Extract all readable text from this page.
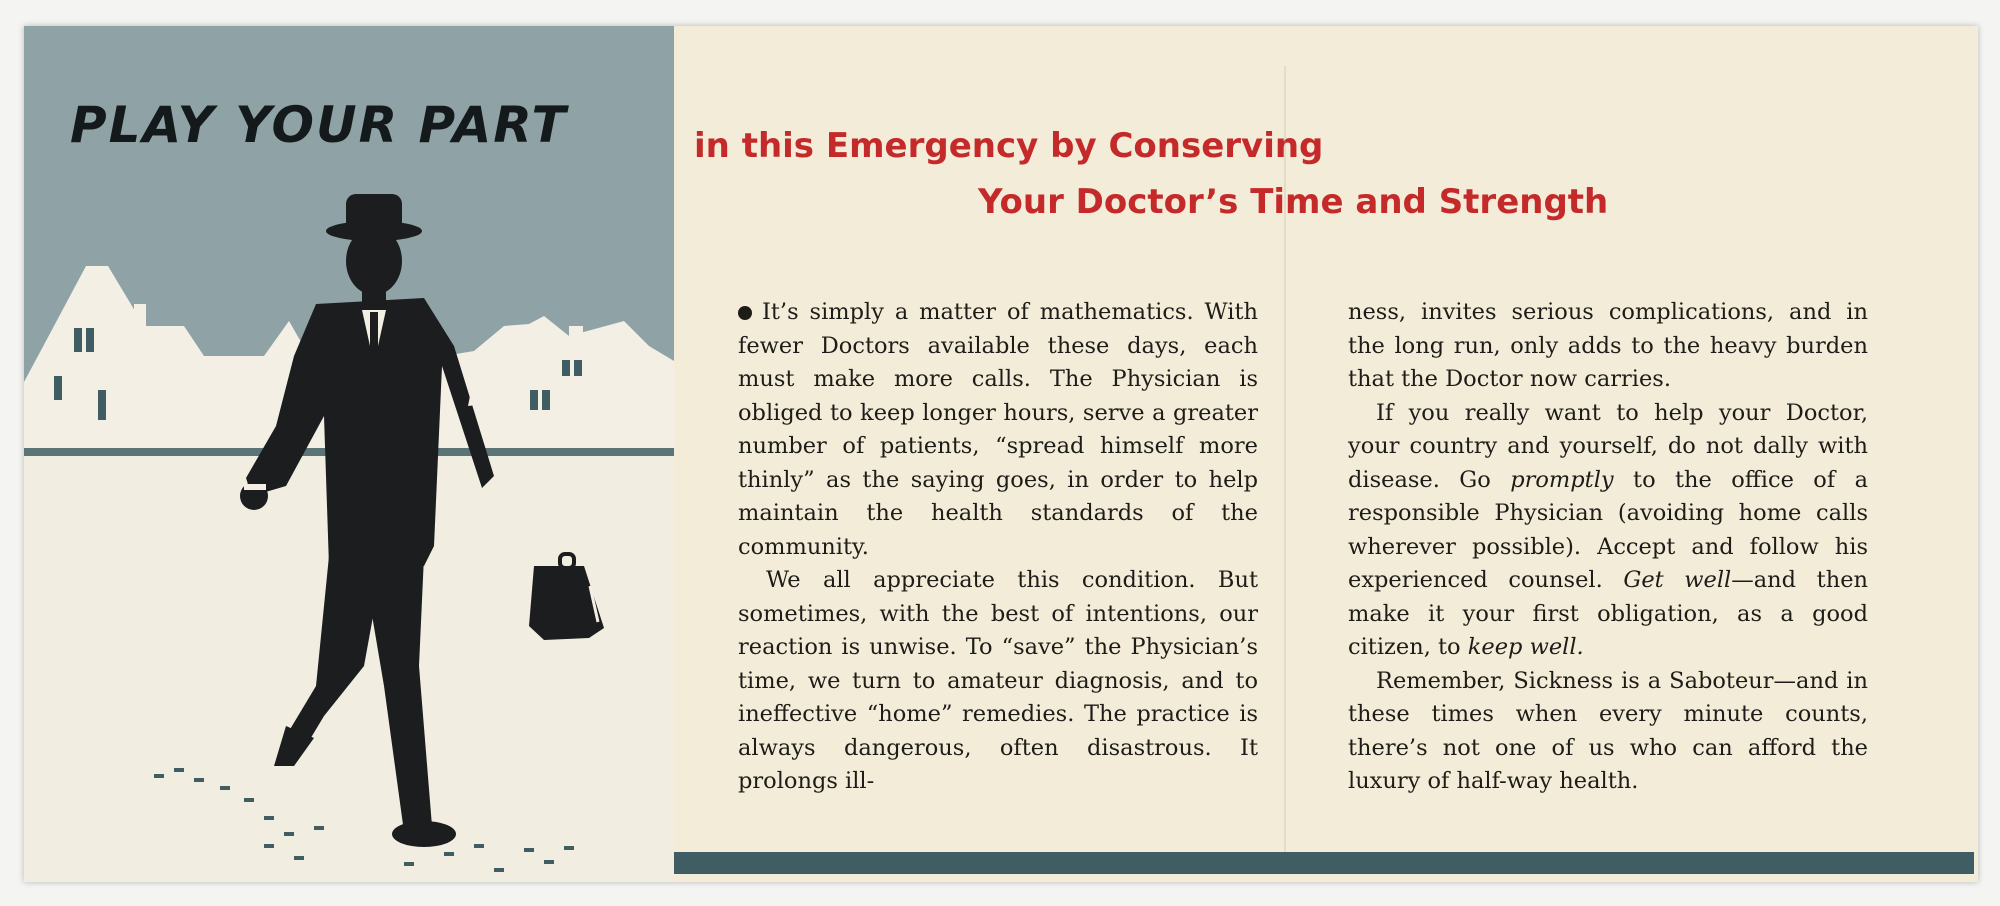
PLAY YOUR PART	in this Emergency by Conserving
Your Doctor’s Time and Strength

It’s simply a matter of mathematics. With fewer Doctors available these days, each must make more calls. The Physician is obliged to keep longer hours, serve a greater number of patients, “spread himself more thinly” as the saying goes, in order to help maintain the health standards of the community.

We all appreciate this condition. But sometimes, with the best of intentions, our reaction is unwise. To “save” the Physician’s time, we turn to amateur diagnosis, and to ineffective “home” remedies. The practice is always dangerous, often disastrous. It prolongs ill-

ness, invites serious complications, and in the long run, only adds to the heavy burden that the Doctor now carries.

If you really want to help your Doctor, your country and yourself, do not dally with disease. Go promptly to the office of a responsible Physician (avoiding home calls wherever possible). Accept and follow his experienced counsel. Get well—and then make it your first obligation, as a good citizen, to keep well.

Remember, Sickness is a Saboteur—and in these times when every minute counts, there’s not one of us who can afford the luxury of half-way health.
